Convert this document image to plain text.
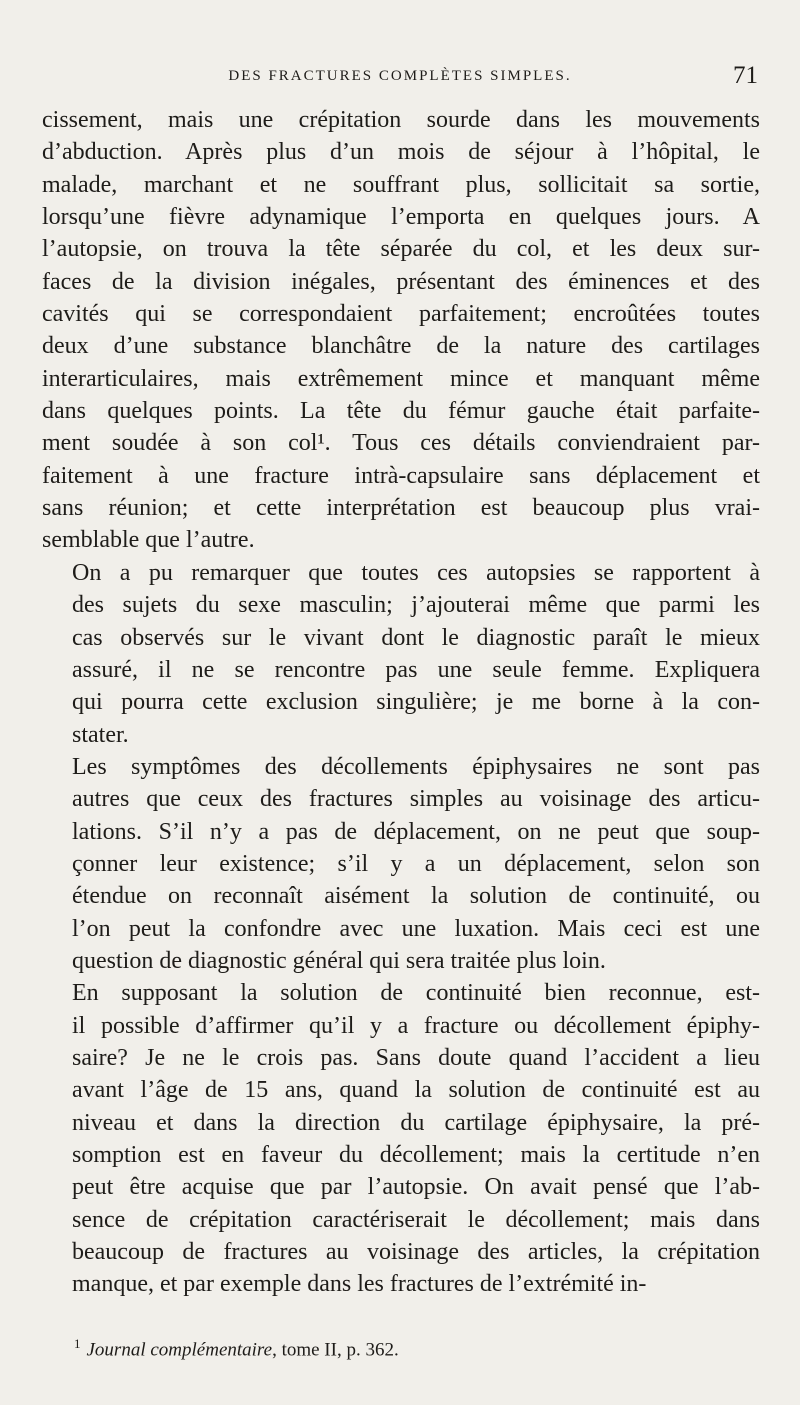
DES FRACTURES COMPLÈTES SIMPLES.	71

cissement, mais une crépitation sourde dans les mouvements
d’abduction. Après plus d’un mois de séjour à l’hôpital, le
malade, marchant et ne souffrant plus, sollicitait sa sortie,
lorsqu’une fièvre adynamique l’emporta en quelques jours. A
l’autopsie, on trouva la tête séparée du col, et les deux sur-
faces de la division inégales, présentant des éminences et des
cavités qui se correspondaient parfaitement; encroûtées toutes
deux d’une substance blanchâtre de la nature des cartilages
interarticulaires, mais extrêmement mince et manquant même
dans quelques points. La tête du fémur gauche était parfaite-
ment soudée à son col¹. Tous ces détails conviendraient par-
faitement à une fracture intrà-capsulaire sans déplacement et
sans réunion; et cette interprétation est beaucoup plus vrai-
semblable que l’autre.

On a pu remarquer que toutes ces autopsies se rapportent à
des sujets du sexe masculin; j’ajouterai même que parmi les
cas observés sur le vivant dont le diagnostic paraît le mieux
assuré, il ne se rencontre pas une seule femme. Expliquera
qui pourra cette exclusion singulière; je me borne à la con-
stater.

Les symptômes des décollements épiphysaires ne sont pas
autres que ceux des fractures simples au voisinage des articu-
lations. S’il n’y a pas de déplacement, on ne peut que soup-
çonner leur existence; s’il y a un déplacement, selon son
étendue on reconnaît aisément la solution de continuité, ou
l’on peut la confondre avec une luxation. Mais ceci est une
question de diagnostic général qui sera traitée plus loin.

En supposant la solution de continuité bien reconnue, est-
il possible d’affirmer qu’il y a fracture ou décollement épiphy-
saire? Je ne le crois pas. Sans doute quand l’accident a lieu
avant l’âge de 15 ans, quand la solution de continuité est au
niveau et dans la direction du cartilage épiphysaire, la pré-
somption est en faveur du décollement; mais la certitude n’en
peut être acquise que par l’autopsie. On avait pensé que l’ab-
sence de crépitation caractériserait le décollement; mais dans
beaucoup de fractures au voisinage des articles, la crépitation
manque, et par exemple dans les fractures de l’extrémité in-

$^1$ Journal complémentaire, tome II, p. 362.
